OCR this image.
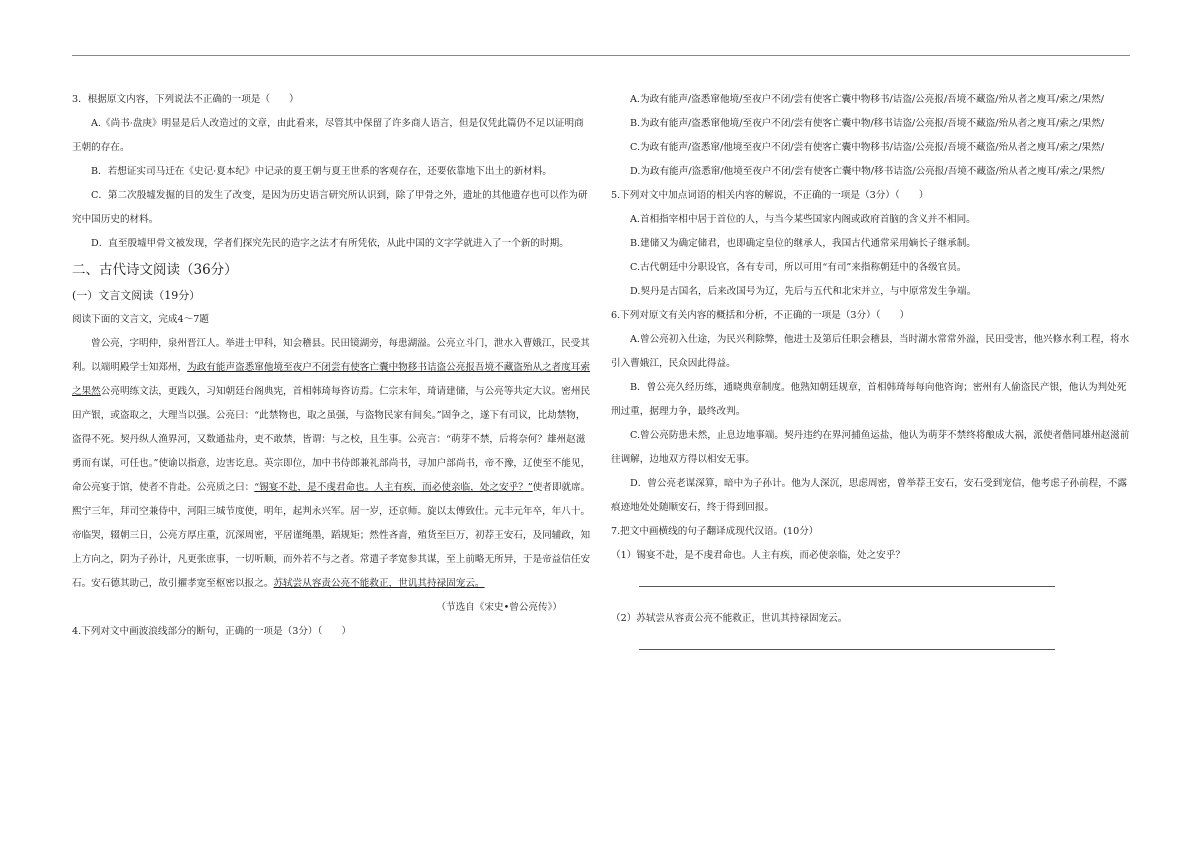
3．根据原文内容，下列说法不正确的一项是（　　）

A.《尚书·盘庚》明显是后人改造过的文章，由此看来，尽管其中保留了许多商人语言，但是仅凭此篇仍不足以证明商王朝的存在。

B．若想证实司马迁在《史记·夏本纪》中记录的夏王朝与夏王世系的客观存在，还要依靠地下出土的新材料。

C．第二次殷墟发掘的目的发生了改变，是因为历史语言研究所认识到，除了甲骨之外，遗址的其他遗存也可以作为研究中国历史的材料。

D．直至殷墟甲骨文被发现，学者们探究先民的造字之法才有所凭依，从此中国的文字学就进入了一个新的时期。

二、古代诗文阅读（36分）

(一）文言文阅读（19分）

阅读下面的文言文，完成4～7题

曾公亮，字明仲，泉州晋江人。举进士甲科，知会稽县。民田镜湖旁，每患湖溢。公亮立斗门，泄水入曹娥江，民受其利。以端明殿学士知郑州，为政有能声盗悉窜他境至夜户不闭尝有使客亡囊中物移书诘盗公亮报吾境不藏盗殆从之者度耳索之果然公亮明练文法，更践久，习知朝廷台阁典宪，首相韩琦每咨访焉。仁宗末年，琦请建储，与公亮等共定大议。密州民田产银，或盗取之，大理当以强。公亮曰：“此禁物也，取之虽强，与盗物民家有间矣。”固争之，遂下有司议，比劫禁物，盗得不死。契丹纵人渔界河，又数通盐舟，吏不敢禁，皆谓：与之校，且生事。公亮言：“萌芽不禁，后将奈何？雄州赵滋勇而有谋，可任也。”使谕以指意，边害讫息。英宗即位，加中书侍郎兼礼部尚书，寻加户部尚书，帝不豫，辽使至不能见，命公亮宴于馆，使者不肯赴。公亮质之曰：“锡宴不赴，是不虔君命也。人主有疾，而必使亲临，处之安乎？”使者即就席。熙宁三年，拜司空兼侍中，河阳三城节度使，明年，起判永兴军。居一岁，还京师。旋以太傅致仕。元丰元年卒，年八十。帝临哭，辍朝三日，公亮方厚庄重，沉深周密，平居谨绳墨，蹈规矩；然性吝啬，殖货至巨万，初荐王安石，及同辅政，知上方向之，阴为子孙计，凡更张庶事，一切听顺，而外若不与之者。常遣子孝宽参其谋，至上前略无所异，于是帝益信任安石。安石德其助己，故引擢孝宽至枢密以报之。苏轼尝从容责公亮不能救正，世讥其持禄固宠云。

（节选自《宋史•曾公亮传》）

4.下列对文中画波浪线部分的断句，正确的一项是（3分）（　　）

A.为政有能声/盗悉窜他境/至夜户不闭/尝有使客亡囊中物移书/诘盗/公亮报/吾境不藏盗/殆从者之廋耳/索之/果然/

B.为政有能声/盗悉窜他境/至夜户不闭/尝有使客亡囊中物/移书诘盗/公亮报/吾境不藏盗/殆从者之廋耳/索之/果然/

C.为政有能声/盗悉窜/他境至夜户不闭/尝有使客亡囊中物移书/诘盗/公亮报/吾境不藏盗/殆从者之廋耳/索之/果然/

D.为政有能声/盗悉窜/他境至夜户不闭/尝有使客亡囊中物/移书诘盗/公亮报/吾境不藏盗/殆从者之廋耳/索之/果然/

5.下列对文中加点词语的相关内容的解说，不正确的一项是（3分）（　　）

A.首相指宰相中居于首位的人，与当今某些国家内阁或政府首脑的含义并不相同。

B.建储又为确定储君，也即确定皇位的继承人，我国古代通常采用嫡长子继承制。

C.古代朝廷中分职设官，各有专司，所以可用“有司”来指称朝廷中的各级官员。

D.契丹是古国名，后来改国号为辽，先后与五代和北宋并立，与中原常发生争端。

6.下列对原文有关内容的概括和分析，不正确的一项是（3分）（　　）

A.曾公亮初入仕途，为民兴利除弊，他进士及第后任职会稽县，当时湖水常常外溢，民田受害，他兴修水利工程，将水引入曹娥江，民众因此得益。

B．曾公亮久经历练，通晓典章制度。他熟知朝廷规章，首相韩琦每每向他咨询；密州有人偷盗民产银，他认为判处死刑过重，据理力争，最终改判。

C.曾公亮防患未然，止息边地事端。契丹违约在界河捕鱼运盐，他认为萌芽不禁终将酿成大祸，派使者偕同雄州赵滋前往调解，边地双方得以相安无事。

D．曾公亮老谋深算，暗中为子孙计。他为人深沉，思虑周密，曾举荐王安石，安石受到宠信，他考虑子孙前程，不露痕迹地处处随顺安石，终于得到回报。

7.把文中画横线的句子翻译成现代汉语。(10分）

（1）锡宴不赴，是不虔君命也。人主有疾，而必使亲临，处之安乎？

（2）苏轼尝从容责公亮不能救正，世讥其持禄固宠云。
